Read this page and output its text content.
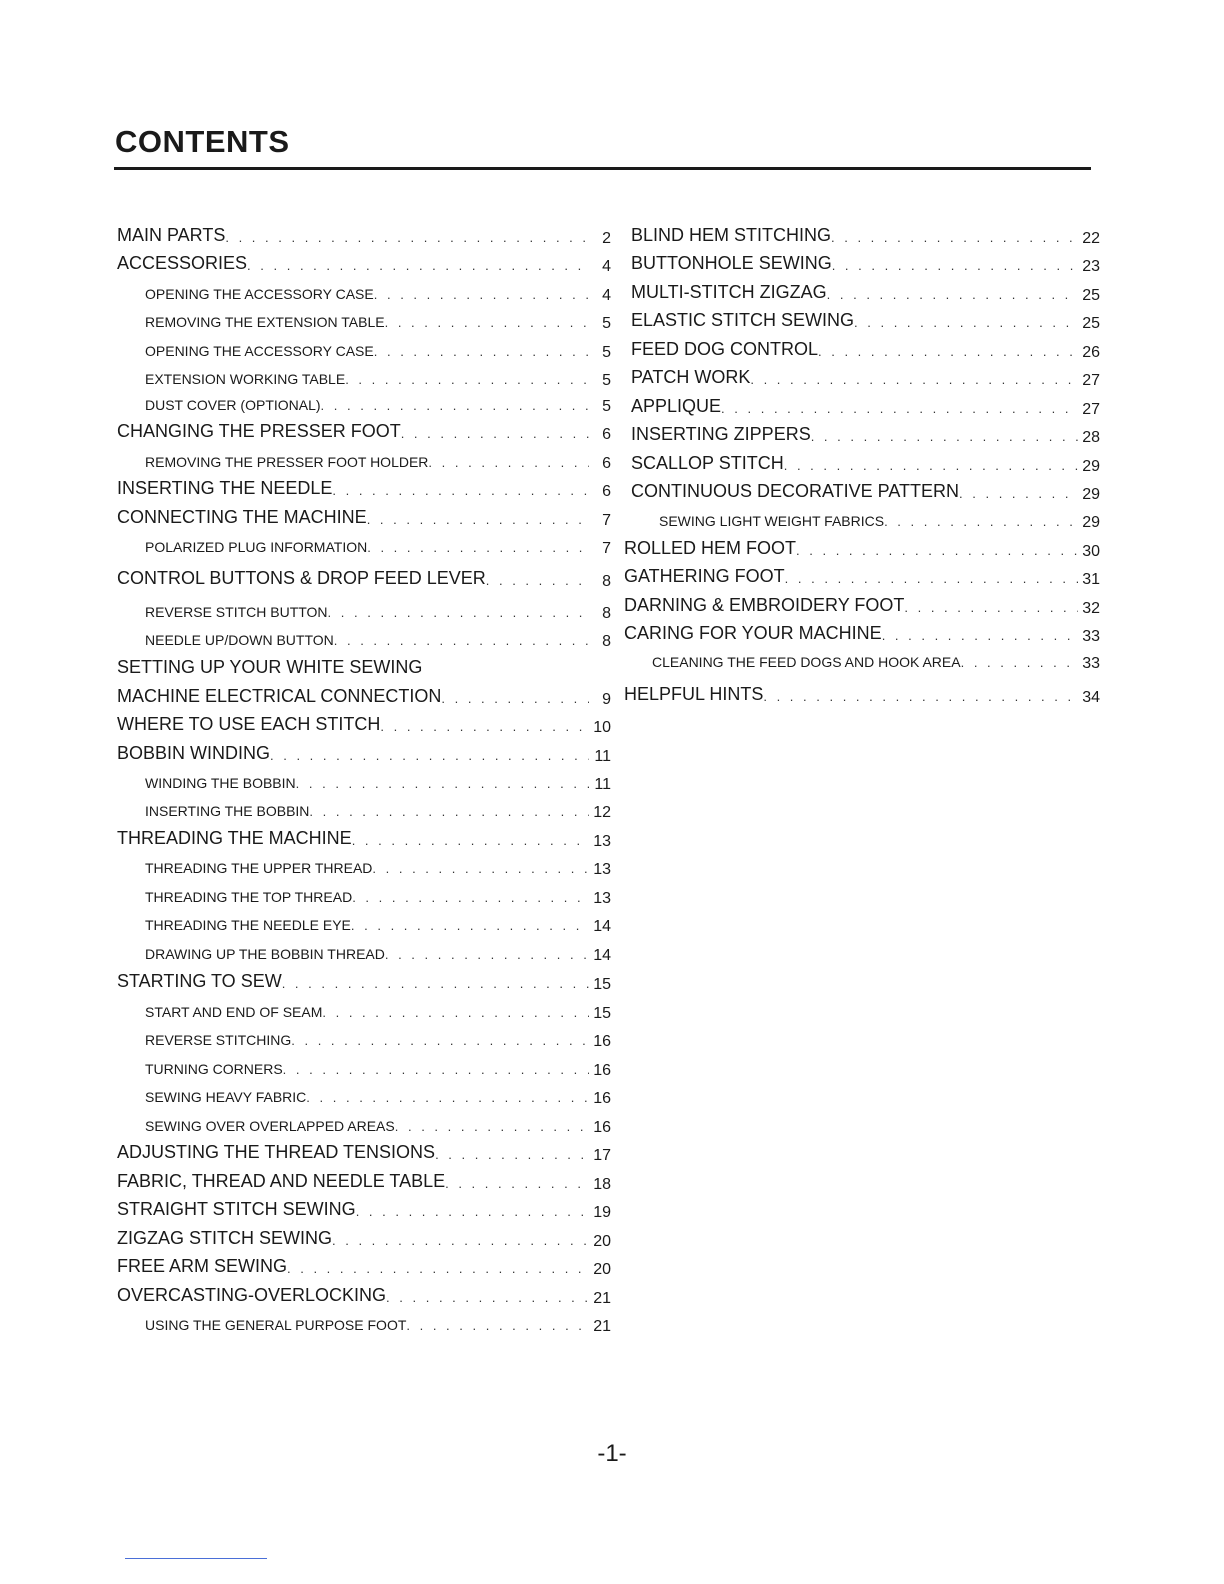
CONTENTS
MAIN PARTS . . .	2
ACCESSORIES . . .	4
OPENING THE ACCESSORY CASE . . .	4
REMOVING THE EXTENSION TABLE . . .	5
OPENING THE ACCESSORY CASE . . .	5
EXTENSION WORKING TABLE . . .	5
DUST COVER (OPTIONAL) . . .	5
CHANGING THE PRESSER FOOT . . .	6
REMOVING THE PRESSER FOOT HOLDER . . .	6
INSERTING THE NEEDLE . . .	6
CONNECTING THE MACHINE . . .	7
POLARIZED PLUG INFORMATION . . .	7
CONTROL BUTTONS & DROP FEED LEVER . . .	8
REVERSE STITCH BUTTON . . .	8
NEEDLE UP/DOWN BUTTON . . .	8
SETTING UP YOUR WHITE SEWING
MACHINE ELECTRICAL CONNECTION . . .	9
WHERE TO USE EACH STITCH . . .	10
BOBBIN WINDING . . .	11
WINDING THE BOBBIN . . .	11
INSERTING THE BOBBIN . . .	12
THREADING THE MACHINE . . .	13
THREADING THE UPPER THREAD . . .	13
THREADING THE TOP THREAD . . .	13
THREADING THE NEEDLE EYE . . .	14
DRAWING UP THE BOBBIN THREAD . . .	14
STARTING TO SEW . . .	15
START AND END OF SEAM . . .	15
REVERSE STITCHING . . .	16
TURNING CORNERS . . .	16
SEWING HEAVY FABRIC . . .	16
SEWING OVER OVERLAPPED AREAS . . .	16
ADJUSTING THE THREAD TENSIONS . . .	17
FABRIC, THREAD AND NEEDLE TABLE . . .	18
STRAIGHT STITCH SEWING . . .	19
ZIGZAG STITCH SEWING . . .	20
FREE ARM SEWING . . .	20
OVERCASTING-OVERLOCKING . . .	21
USING THE GENERAL PURPOSE FOOT . . .	21
BLIND HEM STITCHING . . .	22
BUTTONHOLE SEWING . . .	23
MULTI-STITCH ZIGZAG . . .	25
ELASTIC STITCH SEWING . . .	25
FEED DOG CONTROL . . .	26
PATCH WORK . . .	27
APPLIQUE . . .	27
INSERTING ZIPPERS . . .	28
SCALLOP STITCH . . .	29
CONTINUOUS DECORATIVE PATTERN . . .	29
SEWING LIGHT WEIGHT FABRICS . . .	29
ROLLED HEM FOOT . . .	30
GATHERING FOOT . . .	31
DARNING & EMBROIDERY FOOT . . .	32
CARING FOR YOUR MACHINE . . .	33
CLEANING THE FEED DOGS AND HOOK AREA . . .	33
HELPFUL HINTS . . .	34

-1-
